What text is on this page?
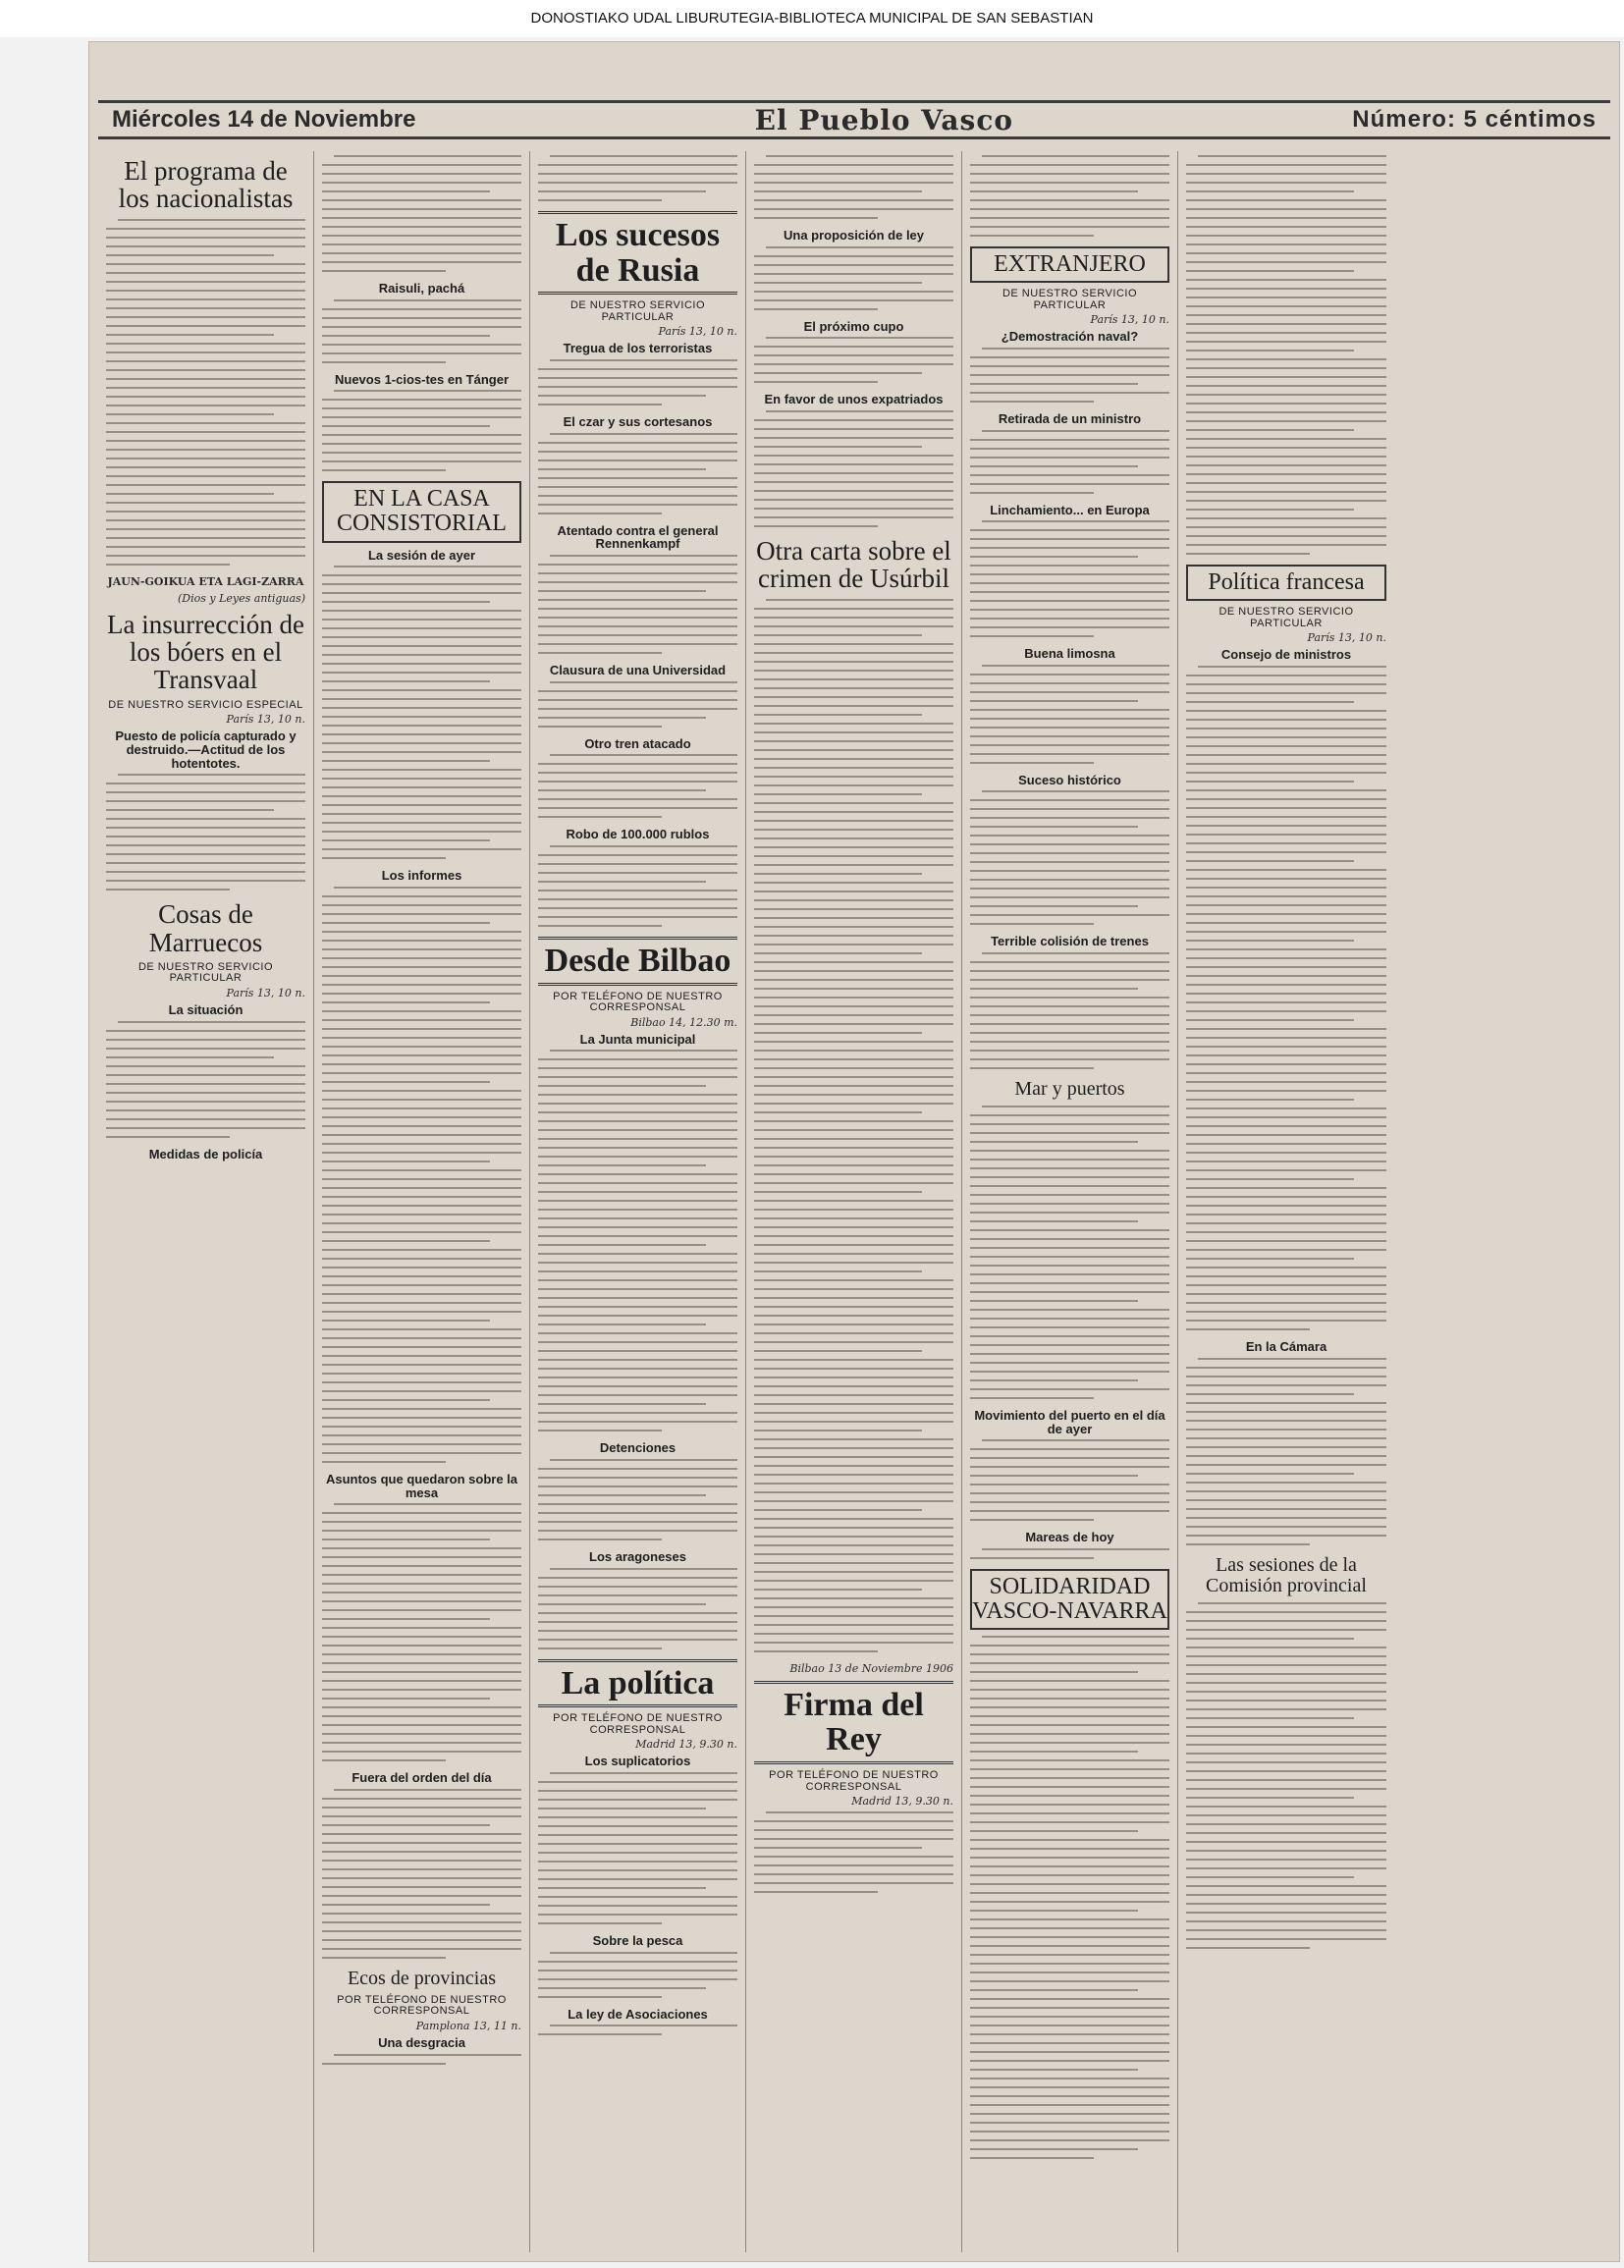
DONOSTIAKO UDAL LIBURUTEGIA-BIBLIOTECA MUNICIPAL DE SAN SEBASTIAN
Miércoles 14 de Noviembre	El Pueblo Vasco	Número: 5 céntimos
El programa de los nacionalistas
JAUN-GOIKUA ETA LAGI-ZARRA
(Dios y Leyes antiguas)
La insurrección de los bóers en el Transvaal
DE NUESTRO SERVICIO ESPECIAL
París 13, 10 n.
Puesto de policía capturado y destruido.—Actitud de los hotentotes.
Cosas de Marruecos
DE NUESTRO SERVICIO PARTICULAR
París 13, 10 n.
La situación
Medidas de policía
Raisuli, pachá
Nuevos 1-cios-tes en Tánger
EN LA CASA CONSISTORIAL
La sesión de ayer
Los informes
Asuntos que quedaron sobre la mesa
Fuera del orden del día
Ecos de provincias
POR TELÉFONO DE NUESTRO CORRESPONSAL
Pamplona 13, 11 n.
Una desgracia
Los sucesos de Rusia
DE NUESTRO SERVICIO PARTICULAR
París 13, 10 n.
Tregua de los terroristas
El czar y sus cortesanos
Atentado contra el general Rennenkampf
Clausura de una Universidad
Otro tren atacado
Robo de 100.000 rublos
Desde Bilbao
POR TELÉFONO DE NUESTRO CORRESPONSAL
Bilbao 14, 12.30 m.
La Junta municipal
Detenciones
Los aragoneses
La política
POR TELÉFONO DE NUESTRO CORRESPONSAL
Madrid 13, 9.30 n.
Los suplicatorios
Sobre la pesca
La ley de Asociaciones
Una proposición de ley
El próximo cupo
En favor de unos expatriados
Otra carta sobre el crimen de Usúrbil
Bilbao 13 de Noviembre 1906
Firma del Rey
POR TELÉFONO DE NUESTRO CORRESPONSAL
Madrid 13, 9.30 n.
EXTRANJERO
DE NUESTRO SERVICIO PARTICULAR
París 13, 10 n.
¿Demostración naval?
Retirada de un ministro
Linchamiento... en Europa
Buena limosna
Suceso histórico
Terrible colisión de trenes
Mar y puertos
Movimiento del puerto en el día de ayer
Mareas de hoy
SOLIDARIDAD VASCO-NAVARRA
Política francesa
DE NUESTRO SERVICIO PARTICULAR
París 13, 10 n.
Consejo de ministros
En la Cámara
Las sesiones de la Comisión provincial
